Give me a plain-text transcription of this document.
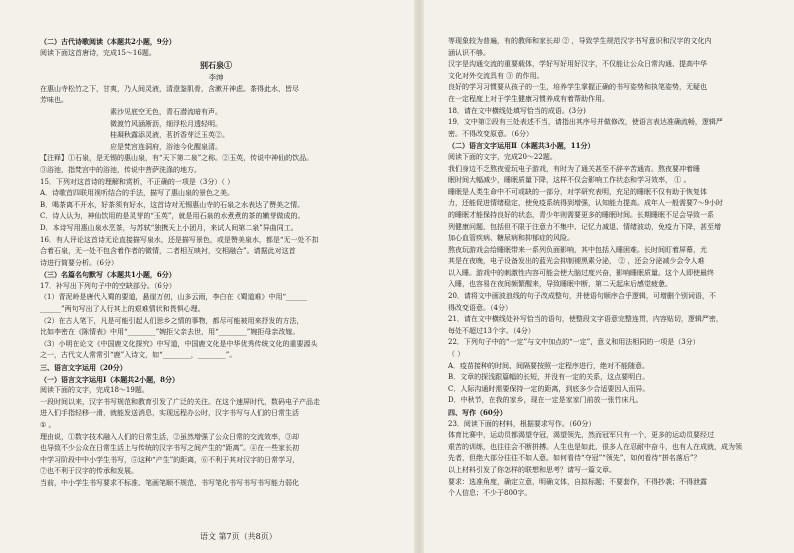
（二）古代诗歌阅读（本题共2小题，9分）
阅读下面这首唐诗，完成15～16题。
别石泉①
李绅
在惠山寺松竹之下，甘爽，乃人间灵液，清澄鉴肌骨，含漱开神虑。茶得此水，皆尽
芳味也。
素沙见底空无色，青石潜流暗有声。
微渡竹风涵淅沥，细浮松月透轻明。
桂凝秋露添灵液，茗折香芽泛玉英②。
应是梵宫连洞府，浴池今化醒泉清。
【注释】①石泉，是无锡的惠山泉，有“天下第二泉”之称。②玉英，传说中神仙的饮品。
③浴池，指梵宫中的浴池，传说中菩萨洗涤的地方。
15．下列对这首诗的理解和赏析，不正确的一项是（3分）（ ）
A．诗歌首四联用视听结合的手法，描写了惠山泉的景色之美。
B．喝茶离不开水，好茶须有好水，这首诗对无锡惠山寺的石泉之水表达了赞美之情。
C．诗人认为，神仙饮用的是灵芽的“玉英”，就是用石泉的水煮煮的茶的嫩芽做成的。
D．本诗写用惠山泉水烹茶，与苏轼“独携天上小团月，来试人间第二泉”异曲同工。
16．有人评论这首诗无论直接描写泉水，还是描写景色，或是赞美泉水，都是“无一处不扣
合着石泉，无一处不包含着作者的微情，二者相互映衬，交相融合”。请据此对这首
诗进行简要分析。（6分）
（三）名篇名句默写（本题共1小题，6分）
17．补写出下列句子中的空缺部分。（6分）
（1）青泥岭是唐代入蜀的要道，悬崖万仞，山多云雨，李白在《蜀道难》中用“______
______”两句写出了人行其上的艰难情状和畏惧心理。
（2）在古人笔下，凡是可能引起人们思乡之情的事物，都尽可能被用来抒发的方法，
比如李密在《陈情表》中用“________”婉拒父亲去世，用“________”婉拒母亲改嫁。
（3）小明在论文《中国鹿文化探究》中写道，中国鹿文化是中华优秀传统文化的重要源头
之一，古代文人常常引“鹿”入诗文，如“________，________”。
三、语言文字运用（20分）
（一）语言文字运用Ⅰ（本题共2小题，8分）
阅读下面的文字，完成18～19题。
一段时间以来，汉字书写规范和教育引发了广泛的关注。在这个速屏时代，数码电子产品走
进入们手指轻移一滑，就能发送消息，实现远程办公时，汉字书写与人们的日常生活
① 。
理由说，①数字技术融入人们的日常生活，②虽然增强了公众日常的交流效率，③却
也导致不少公众在日常生活上与传统的汉字书写之间产生的“距离”。④在一些家长初
中学习阶段中中小学生书写，⑤这种“产生”的距离，⑥不利于其对汉字的日常学习，
⑦也不利于汉字的传承和发展。
当前，中小学生书写要求不标准、笔画笔顺不规范、书写笔化书写书写书写能力弱化
等现象较为普遍，有的教师和家长却 ② ，导致学生规范汉字书写意识和汉字的文化内
涵认识不够。
汉字是沟通交流的重要载体，学好写好用好汉字，不仅能让公众日常沟通、提高中华
文化对外交流具有 ③ 的作用。
良好的学习习惯要从孩子的一生，培养学生掌握正确的书写姿势和执笔姿势，无疑也
在一定程度上对于学生健康习惯养成有着帮助作用。
18．请在文中横线处填写恰当的成语。(3分)
19．文中第②段有三处表述不当，请指出其序号并做修改，使语言表达准确流畅，逻辑严
密。不得改变原意。（6分）
（二）语言文字运用Ⅱ（本题共3小题，11分）
阅读下面的文字，完成20～22题。
我们身边不乏熬夜爱玩电子游戏，有时为了通关甚至不辞辛苦通宵。熬夜要冲着睡
眠时间大幅减少，睡眠质量下降，这样不仅会影响工作状态和学习效率， ① 。
睡眠是人类生命中不可或缺的一部分，对学研究表明，充足的睡眠不仅有助于恢复体
力，还能促进情绪稳定，使免疫系统得到增强，认知能力提高。成年人一般需要7～9小时
的睡眠才能保持良好的状态，青少年则需要更多的睡眠时间。长期睡眠不足会导致一系
列健康问题，包括但不限于注意力不集中、记忆力减退、情绪波动，免疫力下降，甚至增
加心血管疾病、糖尿病和抑郁症的风险。
熬夜玩游戏会给睡眠带来一系列负面影响，其中包括入睡困难。长时间盯着屏幕，尤
其是在夜晚，电子设备发出的蓝光会抑制褪黑素分泌， ② ，还会分泌减少会令人难
以入睡。游戏中的刺激性内容可能会使大脑过度兴奋，影响睡眠质量。这个人即使最终
入睡，也容易在夜间频繁醒来，导致睡眠中断，第二天起床后感觉疲惫。
20．请将文中画波浪线的句子改成整句，并使语句顺序合乎逻辑，可增删个别词语，不
得改变语意。（4分）
21．请在文中横线处补写恰当的语句，使整段文字语意完整连贯，内容贴切，逻辑严密，
每处不超过13个字。（4分）
22．下列句子中的“一定”与文中加点的“一定”，意义和用法相同的一项是（3分）
（ ）
A．疫苗接种的时间、间隔要按照一定程序进行，绝对不能随意。
B．文章的探浅跟篇幅的长短，并没有一定的关系，这点要明白。
C．人际沟通时需要保持一定的距离，到底多少合适要因人而异。
D．中秋节，在我的家乡，现在一定是家家门前放一张竹床凡。
四、写作（60分）
23．阅读下面的材料，根据要求写作。（60分）
体育比赛中，运动员都渴望夺冠，渴望领先，然而冠军只有一个，更多的运动员要经过
艰苦的训练，也往往会不断拼搏。人生也是如此，很多人在忍耐中奋斗，也有人在成就，成为领
先者，但绝大部分往往不如人意。如何看待“夺冠”“领先”，如何看待“拼名落后”？
以上材料引发了你怎样的联想和思考？请写一篇文章。
要求：选准角度，确定立意，明确文体，自拟标题；不要套作，不得抄袭；不得泄露
个人信息；不少于800字。
语文 第7页（共8页）
